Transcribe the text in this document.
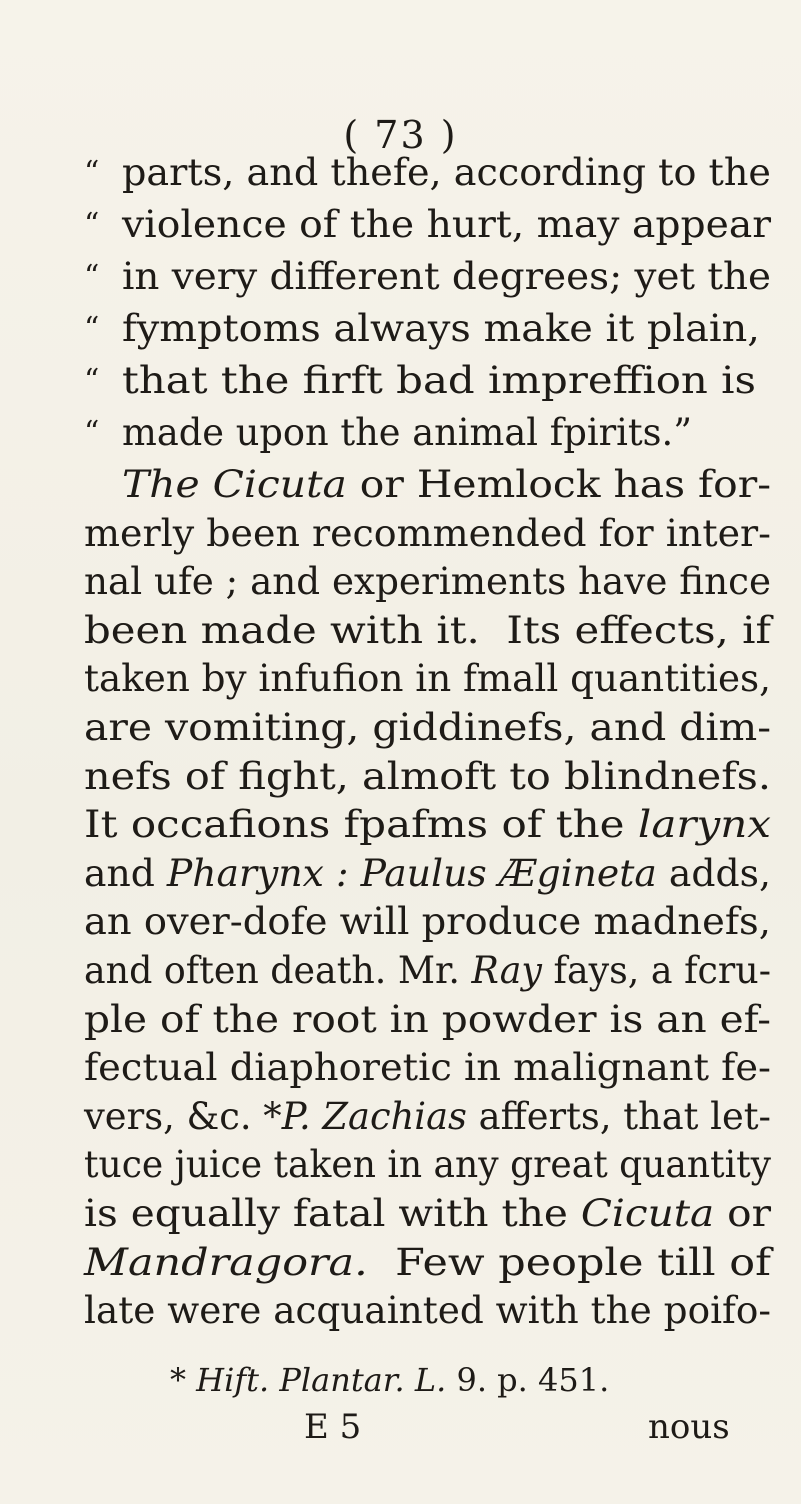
( 73 )
“ parts, and thefe, according to the
“ violence of the hurt, may appear
“ in very different degrees; yet the
“ fymptoms always make it plain,
“ that the firft bad impreffion is
“ made upon the animal fpirits.”
The Cicuta or Hemlock has for-
merly been recommended for inter-
nal ufe ; and experiments have fince
been made with it.  Its effects, if
taken by infufion in fmall quantities,
are vomiting, giddinefs, and dim-
nefs of fight, almoft to blindnefs.
It occafions fpafms of the larynx
and Pharynx : Paulus Ægineta adds,
an over-dofe will produce madnefs,
and often death. Mr. Ray fays, a fcru-
ple of the root in powder is an ef-
fectual diaphoretic in malignant fe-
vers, &c. *P. Zachias afferts, that let-
tuce juice taken in any great quantity
is equally fatal with the Cicuta or
Mandragora.  Few people till of
late were acquainted with the poifo-
* Hift. Plantar. L. 9. p. 451.
E 5	nous
